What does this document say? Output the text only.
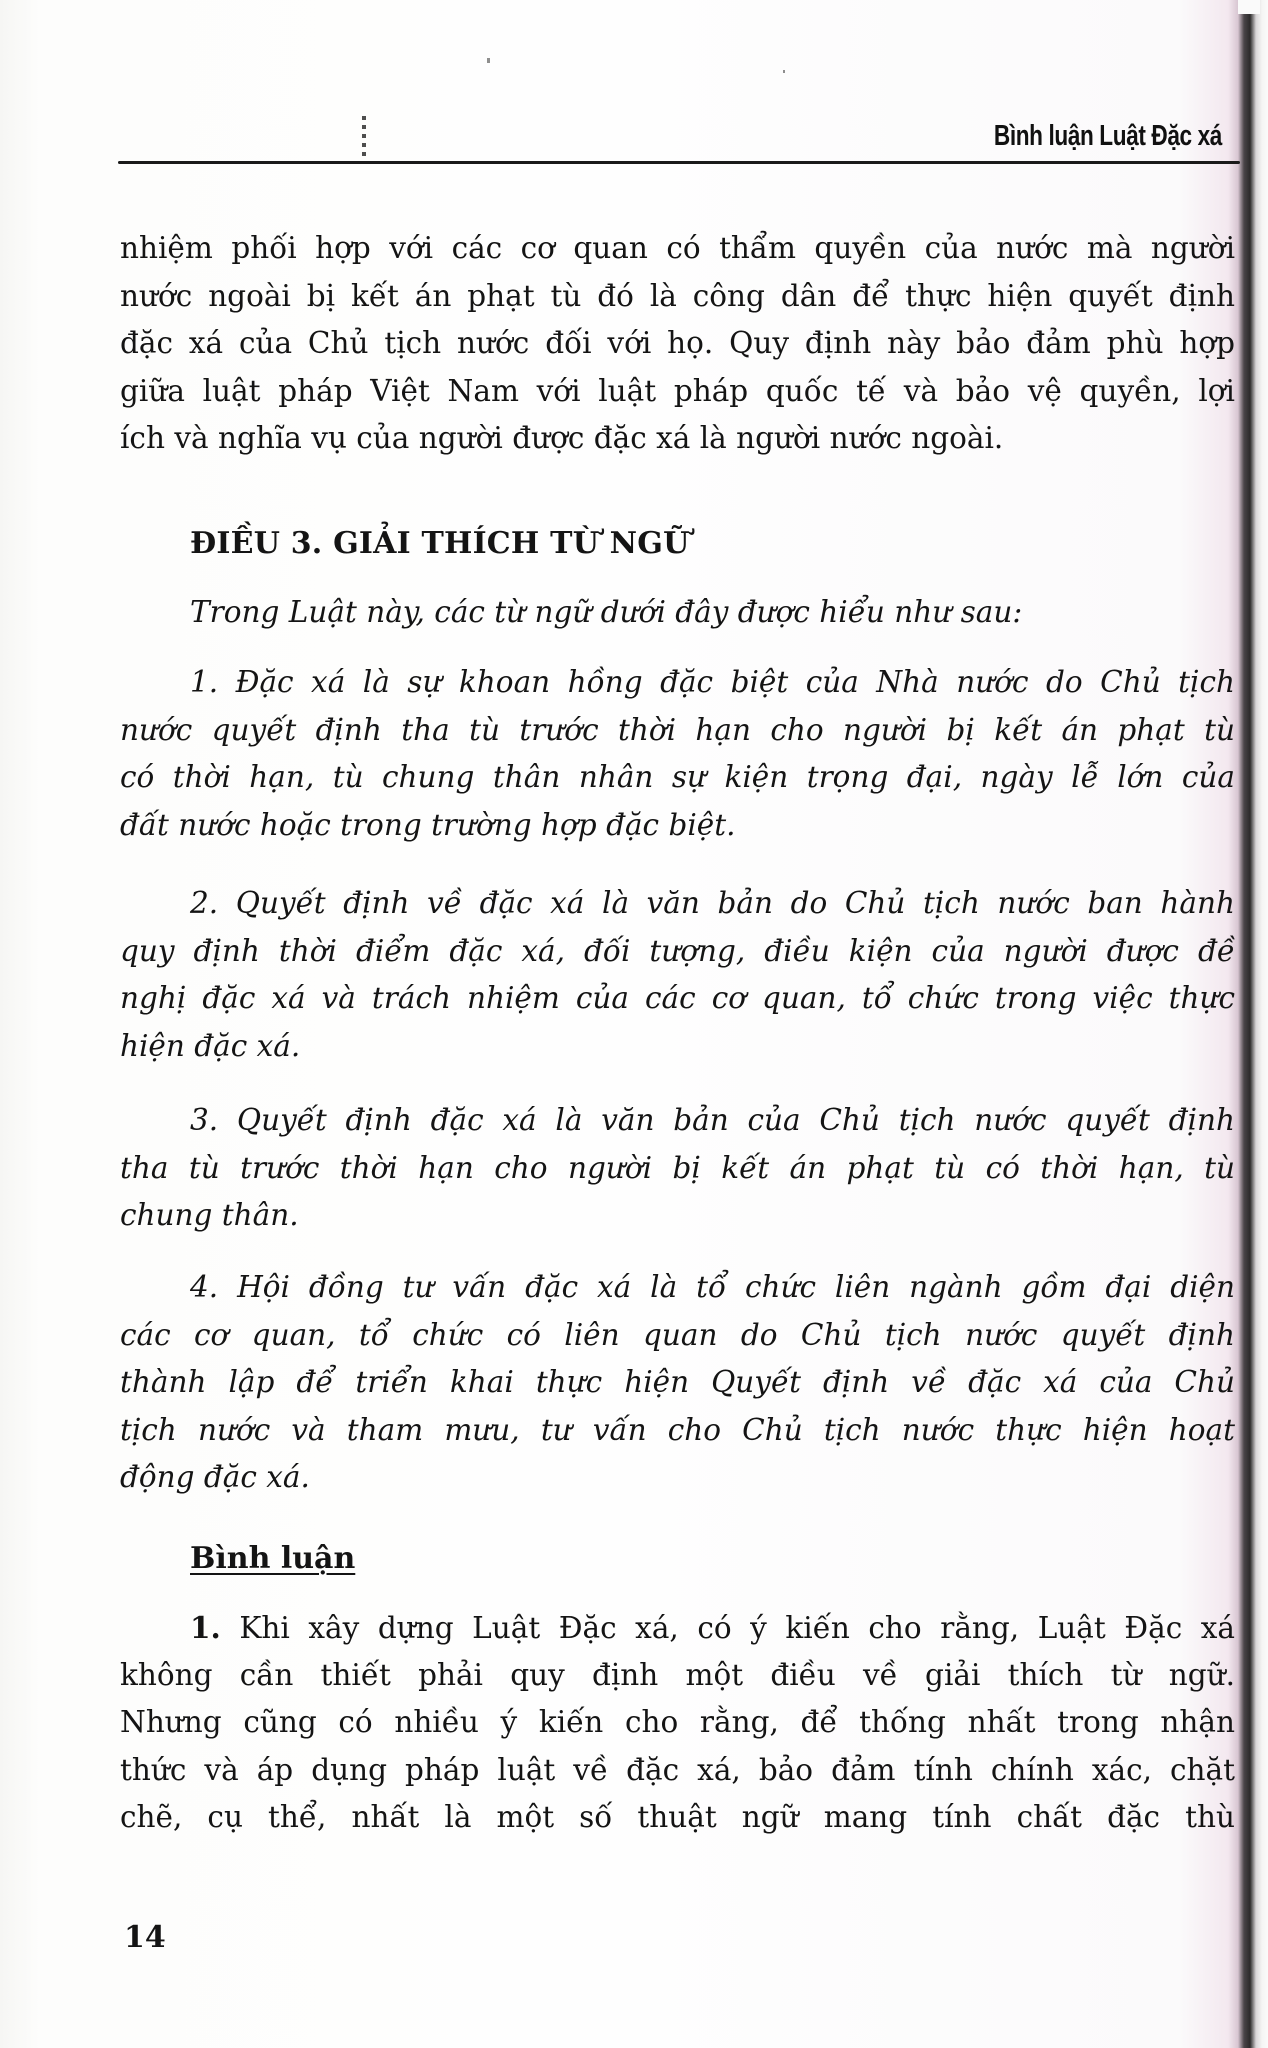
Bình luận Luật Đặc xá
nhiệm phối hợp với các cơ quan có thẩm quyền của nước mà người
nước ngoài bị kết án phạt tù đó là công dân để thực hiện quyết định
đặc xá của Chủ tịch nước đối với họ. Quy định này bảo đảm phù hợp
giữa luật pháp Việt Nam với luật pháp quốc tế và bảo vệ quyền, lợi
ích và nghĩa vụ của người được đặc xá là người nước ngoài.
ĐIỀU 3. GIẢI THÍCH TỪ NGỮ
Trong Luật này, các từ ngữ dưới đây được hiểu như sau:
1. Đặc xá là sự khoan hồng đặc biệt của Nhà nước do Chủ tịch
nước quyết định tha tù trước thời hạn cho người bị kết án phạt tù
có thời hạn, tù chung thân nhân sự kiện trọng đại, ngày lễ lớn của
đất nước hoặc trong trường hợp đặc biệt.
2. Quyết định về đặc xá là văn bản do Chủ tịch nước ban hành
quy định thời điểm đặc xá, đối tượng, điều kiện của người được đề
nghị đặc xá và trách nhiệm của các cơ quan, tổ chức trong việc thực
hiện đặc xá.
3. Quyết định đặc xá là văn bản của Chủ tịch nước quyết định
tha tù trước thời hạn cho người bị kết án phạt tù có thời hạn, tù
chung thân.
4. Hội đồng tư vấn đặc xá là tổ chức liên ngành gồm đại diện
các cơ quan, tổ chức có liên quan do Chủ tịch nước quyết định
thành lập để triển khai thực hiện Quyết định về đặc xá của Chủ
tịch nước và tham mưu, tư vấn cho Chủ tịch nước thực hiện hoạt
động đặc xá.
Bình luận
1. Khi xây dựng Luật Đặc xá, có ý kiến cho rằng, Luật Đặc xá
không cần thiết phải quy định một điều về giải thích từ ngữ.
Nhưng cũng có nhiều ý kiến cho rằng, để thống nhất trong nhận
thức và áp dụng pháp luật về đặc xá, bảo đảm tính chính xác, chặt
chẽ, cụ thể, nhất là một số thuật ngữ mang tính chất đặc thù
14
